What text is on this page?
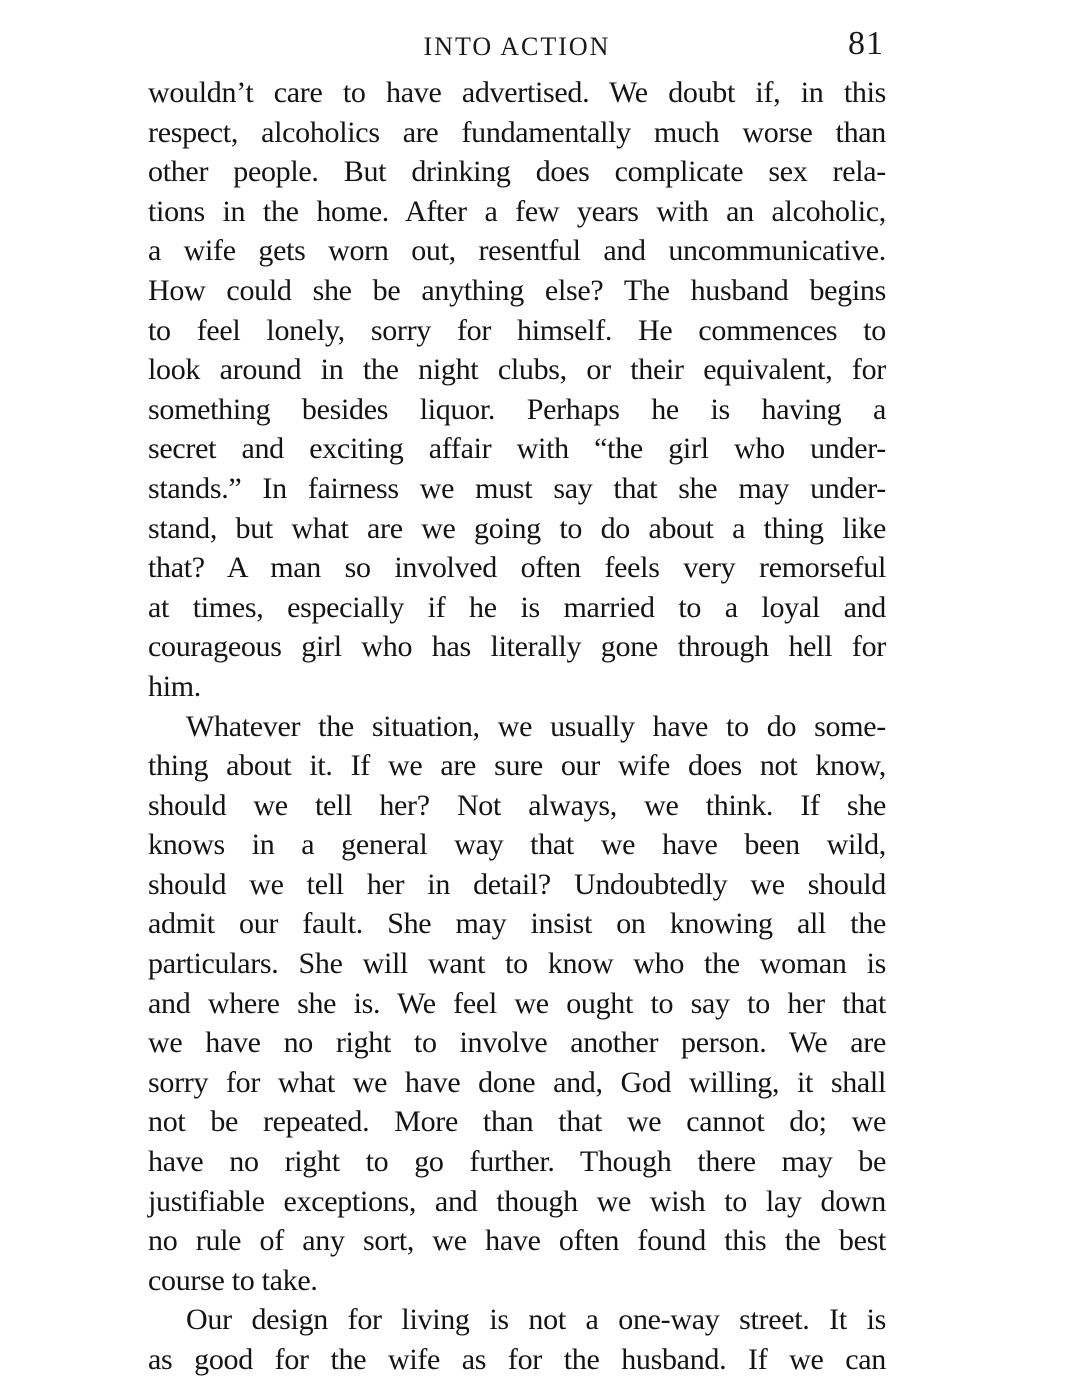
INTO ACTION	81
wouldn’t care to have advertised. We doubt if, in this
respect, alcoholics are fundamentally much worse than
other people. But drinking does complicate sex rela-
tions in the home. After a few years with an alcoholic,
a wife gets worn out, resentful and uncommunicative.
How could she be anything else? The husband begins
to feel lonely, sorry for himself. He commences to
look around in the night clubs, or their equivalent, for
something besides liquor. Perhaps he is having a
secret and exciting affair with “the girl who under-
stands.” In fairness we must say that she may under-
stand, but what are we going to do about a thing like
that? A man so involved often feels very remorseful
at times, especially if he is married to a loyal and
courageous girl who has literally gone through hell for
him.
Whatever the situation, we usually have to do some-
thing about it. If we are sure our wife does not know,
should we tell her? Not always, we think. If she
knows in a general way that we have been wild,
should we tell her in detail? Undoubtedly we should
admit our fault. She may insist on knowing all the
particulars. She will want to know who the woman is
and where she is. We feel we ought to say to her that
we have no right to involve another person. We are
sorry for what we have done and, God willing, it shall
not be repeated. More than that we cannot do; we
have no right to go further. Though there may be
justifiable exceptions, and though we wish to lay down
no rule of any sort, we have often found this the best
course to take.
Our design for living is not a one-way street. It is
as good for the wife as for the husband. If we can
